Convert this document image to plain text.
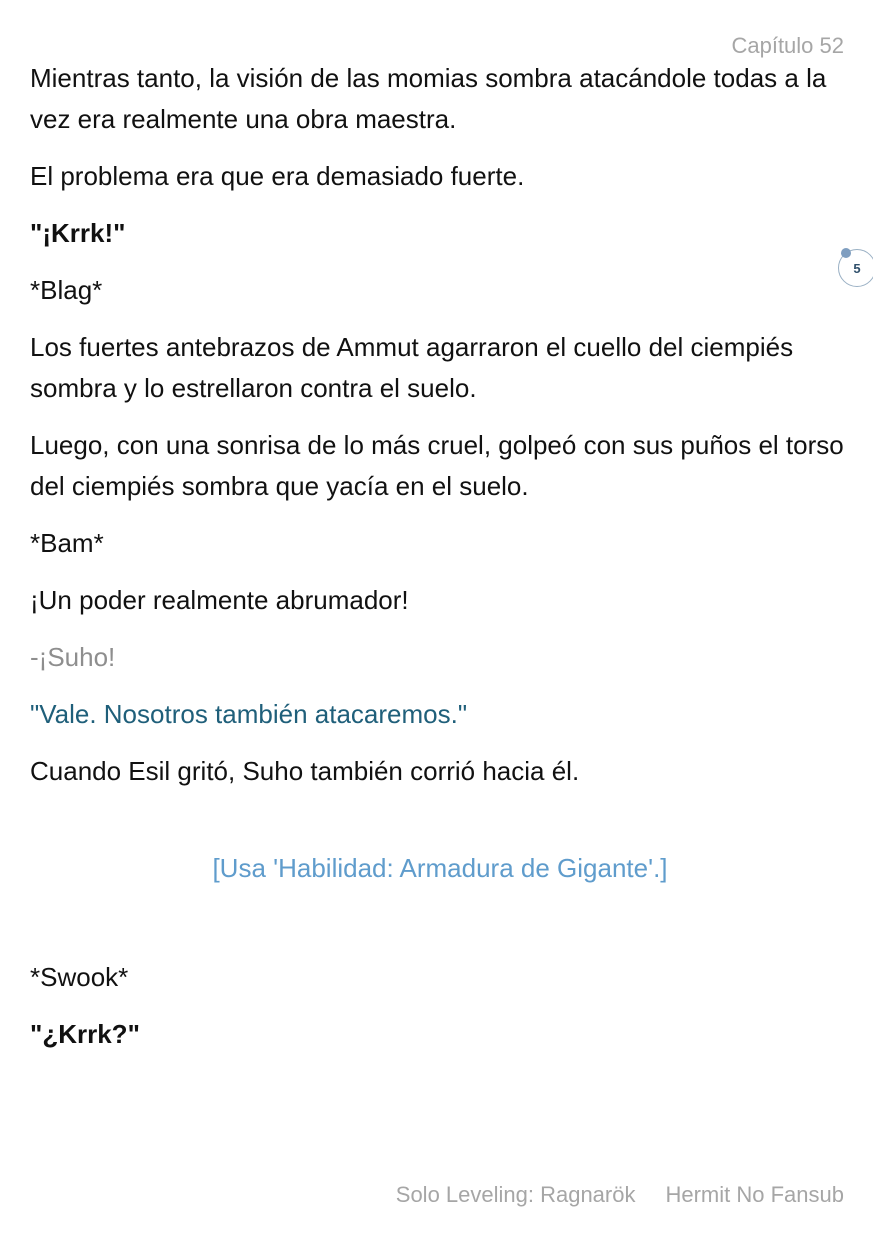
Capítulo 52

Mientras tanto, la visión de las momias sombra atacándole todas a la vez era realmente una obra maestra.

El problema era que era demasiado fuerte.

"¡Krrk!"

*Blag*

Los fuertes antebrazos de Ammut agarraron el cuello del ciempiés sombra y lo estrellaron contra el suelo.

Luego, con una sonrisa de lo más cruel, golpeó con sus puños el torso del ciempiés sombra que yacía en el suelo.

*Bam*

¡Un poder realmente abrumador!

-¡Suho!

"Vale. Nosotros también atacaremos."

Cuando Esil gritó, Suho también corrió hacia él.

[Usa 'Habilidad: Armadura de Gigante'.]

*Swook*

"¿Krrk?"

5
Solo Leveling: Ragnarök Hermit No Fansub
